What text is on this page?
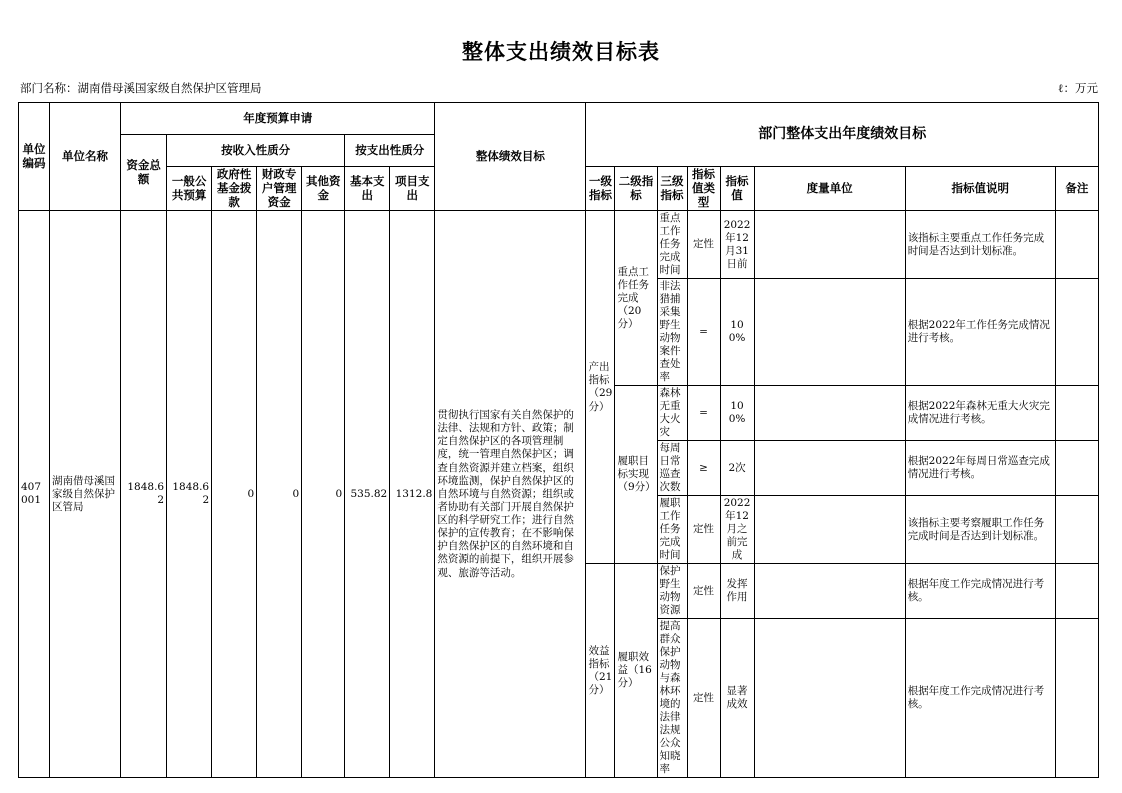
整体支出绩效目标表
部门名称：湖南借母溪国家级自然保护区管理局	ℓ：万元
单位编码	单位名称	年度预算申请							整体绩效目标	部门整体支出年度绩效目标							
		资金总额	按收入性质分				按支出性质分										
			一般公共预算	政府性基金拨款	财政专户管理资金	其他资金	基本支出	项目支出		一级指标	二级指标	三级指标	指标值类型	指标值	度量单位	指标值说明	备注

407001	湖南借母溪国家级自然保护区管局	1848.62	1848.62	0	0	0	535.82	1312.8	贯彻执行国家有关自然保护的法律、法规和方针、政策；制定自然保护区的各项管理制度，统一管理自然保护区；调查自然资源并建立档案，组织环境监测，保护自然保护区的自然环境与自然资源；组织或者协助有关部门开展自然保护区的科学研究工作；进行自然保护的宣传教育；在不影响保护自然保护区的自然环境和自然资源的前提下，组织开展参观、旅游等活动。	产出指标（29分）	重点工作任务完成（20分）	重点工作任务完成时间	定性	2022年12月31日前		该指标主要重点工作任务完成时间是否达到计划标准。	
												非法猎捕采集野生动物案件查处率	=	100%		根据2022年工作任务完成情况进行考核。	
											履职目标实现（9分）	森林无重大火灾	=	100%		根据2022年森林无重大火灾完成情况进行考核。	
												每周日常巡查次数	≥	2次		根据2022年每周日常巡查完成情况进行考核。	
												履职工作任务完成时间	定性	2022年12月之前完成		该指标主要考察履职工作任务完成时间是否达到计划标准。	
										效益指标（21分）	履职效益（16分）	保护野生动物资源	定性	发挥作用		根据年度工作完成情况进行考核。	
												提高群众保护动物与森林环境的法律法规公众知晓率	定性	显著成效		根据年度工作完成情况进行考核。	
